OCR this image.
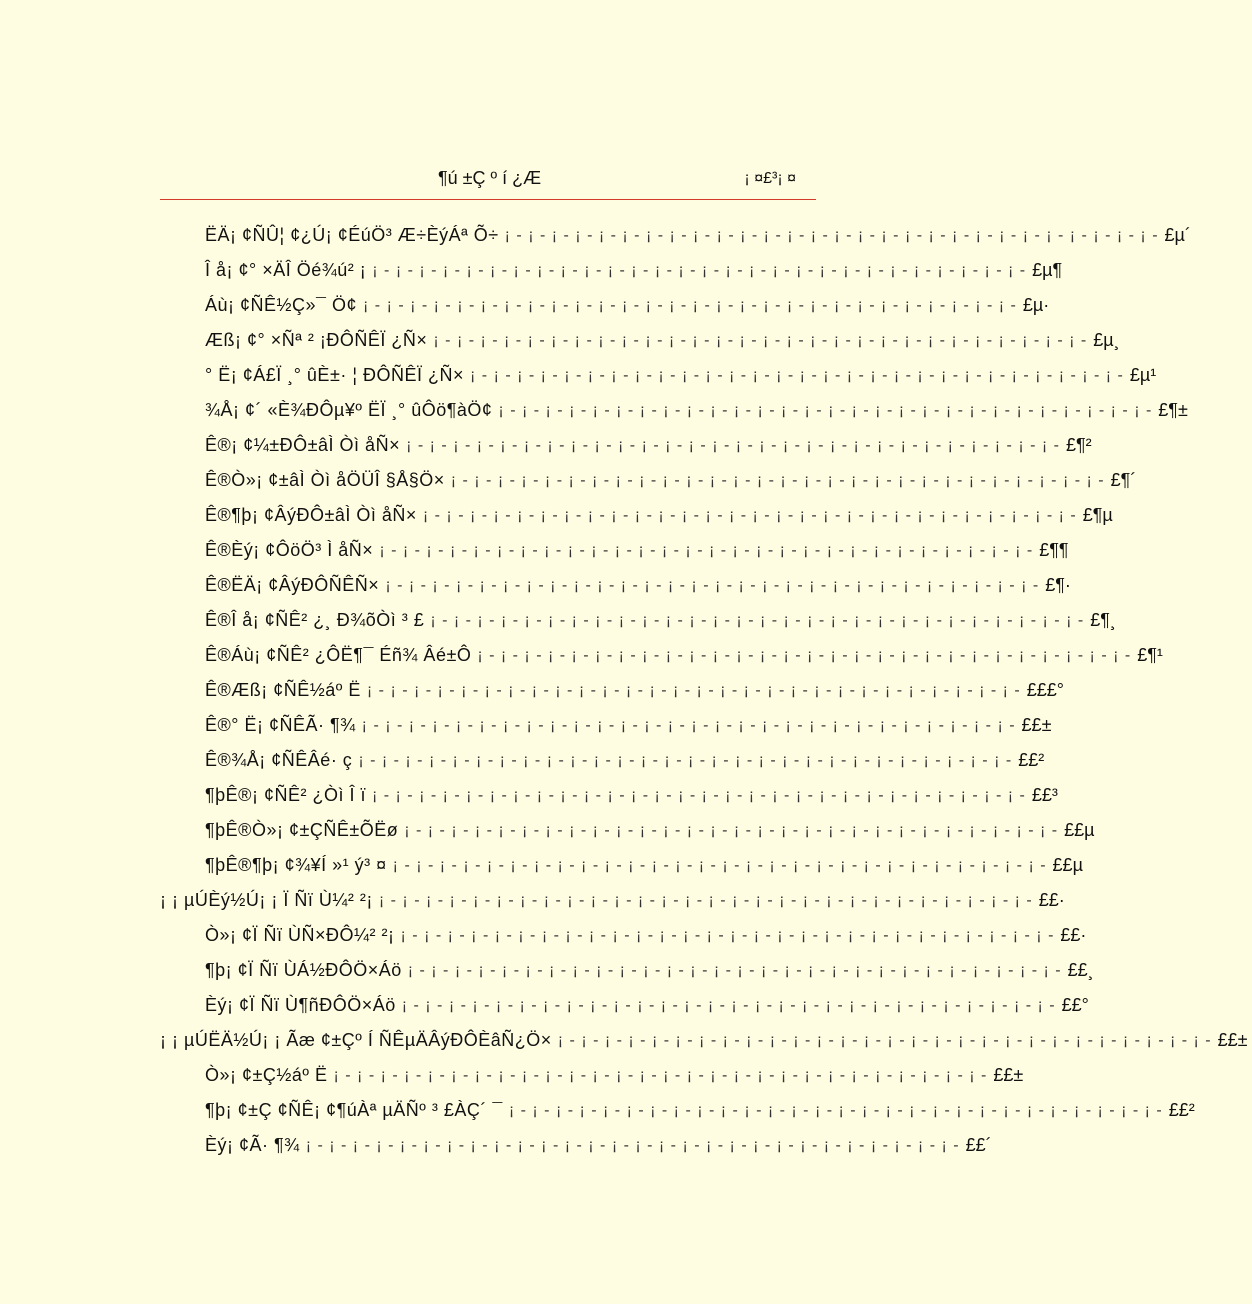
¶ú ±Ç º í ¿Æ	¡ ¤£³¡ ¤
ËÄ¡ ¢ÑÛ¦ ¢¿Ú¡ ¢ÉúÖ³ Æ÷ÈýÁª Õ÷ ¡ - ¡ - ¡ - ¡ - ¡ - ¡ - ¡ - ¡ - ¡ - ¡ - ¡ - ¡ - ¡ - ¡ - ¡ - ¡ - ¡ - ¡ - ¡ - ¡ - ¡ - ¡ - ¡ - ¡ - ¡ - ¡ - ¡ - ¡ - £µ´
Î å¡ ¢° ×ÄÎ Öé¾ú² ¡ ¡ - ¡ - ¡ - ¡ - ¡ - ¡ - ¡ - ¡ - ¡ - ¡ - ¡ - ¡ - ¡ - ¡ - ¡ - ¡ - ¡ - ¡ - ¡ - ¡ - ¡ - ¡ - ¡ - ¡ - ¡ - ¡ - ¡ - ¡ - £µ¶
Áù¡ ¢ÑÊ½Ç»¯ Ö¢ ¡ - ¡ - ¡ - ¡ - ¡ - ¡ - ¡ - ¡ - ¡ - ¡ - ¡ - ¡ - ¡ - ¡ - ¡ - ¡ - ¡ - ¡ - ¡ - ¡ - ¡ - ¡ - ¡ - ¡ - ¡ - ¡ - ¡ - ¡ - £µ·
Æß¡ ¢° ×Ñª ² ¡ÐÔÑÊÏ ¿Ñ× ¡ - ¡ - ¡ - ¡ - ¡ - ¡ - ¡ - ¡ - ¡ - ¡ - ¡ - ¡ - ¡ - ¡ - ¡ - ¡ - ¡ - ¡ - ¡ - ¡ - ¡ - ¡ - ¡ - ¡ - ¡ - ¡ - ¡ - ¡ - £µ¸
° Ë¡ ¢Á£Ï ¸° ûÈ±· ¦ ÐÔÑÊÏ ¿Ñ× ¡ - ¡ - ¡ - ¡ - ¡ - ¡ - ¡ - ¡ - ¡ - ¡ - ¡ - ¡ - ¡ - ¡ - ¡ - ¡ - ¡ - ¡ - ¡ - ¡ - ¡ - ¡ - ¡ - ¡ - ¡ - ¡ - ¡ - ¡ - £µ¹
¾Å¡ ¢´ «È¾ÐÔµ¥º ËÏ ¸° ûÔö¶àÖ¢ ¡ - ¡ - ¡ - ¡ - ¡ - ¡ - ¡ - ¡ - ¡ - ¡ - ¡ - ¡ - ¡ - ¡ - ¡ - ¡ - ¡ - ¡ - ¡ - ¡ - ¡ - ¡ - ¡ - ¡ - ¡ - ¡ - ¡ - ¡ - £¶±
Ê®¡ ¢¼±ÐÔ±âÌ Òì åÑ× ¡ - ¡ - ¡ - ¡ - ¡ - ¡ - ¡ - ¡ - ¡ - ¡ - ¡ - ¡ - ¡ - ¡ - ¡ - ¡ - ¡ - ¡ - ¡ - ¡ - ¡ - ¡ - ¡ - ¡ - ¡ - ¡ - ¡ - ¡ - £¶²
Ê®Ò»¡ ¢±âÌ Òì åÖÜÎ §Å§Ö× ¡ - ¡ - ¡ - ¡ - ¡ - ¡ - ¡ - ¡ - ¡ - ¡ - ¡ - ¡ - ¡ - ¡ - ¡ - ¡ - ¡ - ¡ - ¡ - ¡ - ¡ - ¡ - ¡ - ¡ - ¡ - ¡ - ¡ - ¡ - £¶´
Ê®¶þ¡ ¢ÂýÐÔ±âÌ Òì åÑ× ¡ - ¡ - ¡ - ¡ - ¡ - ¡ - ¡ - ¡ - ¡ - ¡ - ¡ - ¡ - ¡ - ¡ - ¡ - ¡ - ¡ - ¡ - ¡ - ¡ - ¡ - ¡ - ¡ - ¡ - ¡ - ¡ - ¡ - ¡ - £¶µ
Ê®Èý¡ ¢ÔöÖ³ Ì åÑ× ¡ - ¡ - ¡ - ¡ - ¡ - ¡ - ¡ - ¡ - ¡ - ¡ - ¡ - ¡ - ¡ - ¡ - ¡ - ¡ - ¡ - ¡ - ¡ - ¡ - ¡ - ¡ - ¡ - ¡ - ¡ - ¡ - ¡ - ¡ - £¶¶
Ê®ËÄ¡ ¢ÂýÐÔÑÊÑ× ¡ - ¡ - ¡ - ¡ - ¡ - ¡ - ¡ - ¡ - ¡ - ¡ - ¡ - ¡ - ¡ - ¡ - ¡ - ¡ - ¡ - ¡ - ¡ - ¡ - ¡ - ¡ - ¡ - ¡ - ¡ - ¡ - ¡ - ¡ - £¶·
Ê®Î å¡ ¢ÑÊ² ¿¸ Ð¾õÒì ³ £ ¡ - ¡ - ¡ - ¡ - ¡ - ¡ - ¡ - ¡ - ¡ - ¡ - ¡ - ¡ - ¡ - ¡ - ¡ - ¡ - ¡ - ¡ - ¡ - ¡ - ¡ - ¡ - ¡ - ¡ - ¡ - ¡ - ¡ - ¡ - £¶¸
Ê®Áù¡ ¢ÑÊ² ¿ÔË¶¯ Éñ¾ Âé±Ô ¡ - ¡ - ¡ - ¡ - ¡ - ¡ - ¡ - ¡ - ¡ - ¡ - ¡ - ¡ - ¡ - ¡ - ¡ - ¡ - ¡ - ¡ - ¡ - ¡ - ¡ - ¡ - ¡ - ¡ - ¡ - ¡ - ¡ - ¡ - £¶¹
Ê®Æß¡ ¢ÑÊ½áº Ë ¡ - ¡ - ¡ - ¡ - ¡ - ¡ - ¡ - ¡ - ¡ - ¡ - ¡ - ¡ - ¡ - ¡ - ¡ - ¡ - ¡ - ¡ - ¡ - ¡ - ¡ - ¡ - ¡ - ¡ - ¡ - ¡ - ¡ - ¡ - £££°
Ê®° Ë¡ ¢ÑÊÃ· ¶¾ ¡ - ¡ - ¡ - ¡ - ¡ - ¡ - ¡ - ¡ - ¡ - ¡ - ¡ - ¡ - ¡ - ¡ - ¡ - ¡ - ¡ - ¡ - ¡ - ¡ - ¡ - ¡ - ¡ - ¡ - ¡ - ¡ - ¡ - ¡ - ££±
Ê®¾Å¡ ¢ÑÊÂé· ç ¡ - ¡ - ¡ - ¡ - ¡ - ¡ - ¡ - ¡ - ¡ - ¡ - ¡ - ¡ - ¡ - ¡ - ¡ - ¡ - ¡ - ¡ - ¡ - ¡ - ¡ - ¡ - ¡ - ¡ - ¡ - ¡ - ¡ - ¡ - ££²
¶þÊ®¡ ¢ÑÊ² ¿Òì Î ï ¡ - ¡ - ¡ - ¡ - ¡ - ¡ - ¡ - ¡ - ¡ - ¡ - ¡ - ¡ - ¡ - ¡ - ¡ - ¡ - ¡ - ¡ - ¡ - ¡ - ¡ - ¡ - ¡ - ¡ - ¡ - ¡ - ¡ - ¡ - ££³
¶þÊ®Ò»¡ ¢±ÇÑÊ±ÕËø ¡ - ¡ - ¡ - ¡ - ¡ - ¡ - ¡ - ¡ - ¡ - ¡ - ¡ - ¡ - ¡ - ¡ - ¡ - ¡ - ¡ - ¡ - ¡ - ¡ - ¡ - ¡ - ¡ - ¡ - ¡ - ¡ - ¡ - ¡ - ££µ
¶þÊ®¶þ¡ ¢¾¥Í »¹ ý³ ¤ ¡ - ¡ - ¡ - ¡ - ¡ - ¡ - ¡ - ¡ - ¡ - ¡ - ¡ - ¡ - ¡ - ¡ - ¡ - ¡ - ¡ - ¡ - ¡ - ¡ - ¡ - ¡ - ¡ - ¡ - ¡ - ¡ - ¡ - ¡ - ££µ
¡ ¡ µÚÈý½Ú¡ ¡ Ï Ñï Ù¼² ²¡ ¡ - ¡ - ¡ - ¡ - ¡ - ¡ - ¡ - ¡ - ¡ - ¡ - ¡ - ¡ - ¡ - ¡ - ¡ - ¡ - ¡ - ¡ - ¡ - ¡ - ¡ - ¡ - ¡ - ¡ - ¡ - ¡ - ¡ - ¡ - ££·
Ò»¡ ¢Ï Ñï ÙÑ×ÐÔ¼² ²¡ ¡ - ¡ - ¡ - ¡ - ¡ - ¡ - ¡ - ¡ - ¡ - ¡ - ¡ - ¡ - ¡ - ¡ - ¡ - ¡ - ¡ - ¡ - ¡ - ¡ - ¡ - ¡ - ¡ - ¡ - ¡ - ¡ - ¡ - ¡ - ££·
¶þ¡ ¢Ï Ñï ÙÁ½ÐÔÖ×Áö ¡ - ¡ - ¡ - ¡ - ¡ - ¡ - ¡ - ¡ - ¡ - ¡ - ¡ - ¡ - ¡ - ¡ - ¡ - ¡ - ¡ - ¡ - ¡ - ¡ - ¡ - ¡ - ¡ - ¡ - ¡ - ¡ - ¡ - ¡ - ££¸
Èý¡ ¢Ï Ñï Ù¶ñÐÔÖ×Áö ¡ - ¡ - ¡ - ¡ - ¡ - ¡ - ¡ - ¡ - ¡ - ¡ - ¡ - ¡ - ¡ - ¡ - ¡ - ¡ - ¡ - ¡ - ¡ - ¡ - ¡ - ¡ - ¡ - ¡ - ¡ - ¡ - ¡ - ¡ - ££°
¡ ¡ µÚËÄ½Ú¡ ¡ Ãæ ¢±Çº Í ÑÊµÄÂýÐÔÈâÑ¿Ö× ¡ - ¡ - ¡ - ¡ - ¡ - ¡ - ¡ - ¡ - ¡ - ¡ - ¡ - ¡ - ¡ - ¡ - ¡ - ¡ - ¡ - ¡ - ¡ - ¡ - ¡ - ¡ - ¡ - ¡ - ¡ - ¡ - ¡ - ¡ - ££±
Ò»¡ ¢±Ç½áº Ë ¡ - ¡ - ¡ - ¡ - ¡ - ¡ - ¡ - ¡ - ¡ - ¡ - ¡ - ¡ - ¡ - ¡ - ¡ - ¡ - ¡ - ¡ - ¡ - ¡ - ¡ - ¡ - ¡ - ¡ - ¡ - ¡ - ¡ - ¡ - ££±
¶þ¡ ¢±Ç ¢ÑÊ¡ ¢¶úÀª µÄÑº ³ £ÀÇ´ ¯ ¡ - ¡ - ¡ - ¡ - ¡ - ¡ - ¡ - ¡ - ¡ - ¡ - ¡ - ¡ - ¡ - ¡ - ¡ - ¡ - ¡ - ¡ - ¡ - ¡ - ¡ - ¡ - ¡ - ¡ - ¡ - ¡ - ¡ - ¡ - ££²
Èý¡ ¢Ã· ¶¾ ¡ - ¡ - ¡ - ¡ - ¡ - ¡ - ¡ - ¡ - ¡ - ¡ - ¡ - ¡ - ¡ - ¡ - ¡ - ¡ - ¡ - ¡ - ¡ - ¡ - ¡ - ¡ - ¡ - ¡ - ¡ - ¡ - ¡ - ¡ - ££´
